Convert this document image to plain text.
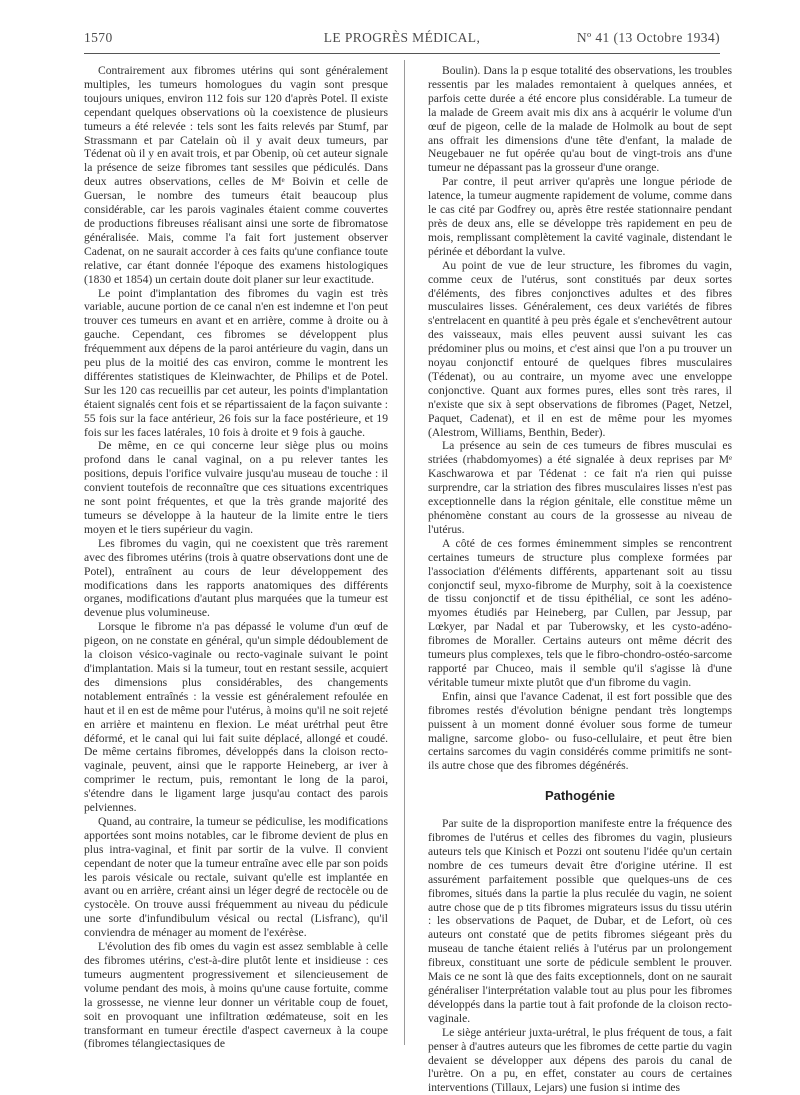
1570	LE PROGRÈS MÉDICAL,	Nº 41 (13 Octobre 1934)

Contrairement aux fibromes utérins qui sont généralement multiples, les tumeurs homologues du vagin sont presque toujours uniques, environ 112 fois sur 120 d'après Potel. Il existe cependant quelques observations où la coexistence de plusieurs tumeurs a été relevée : tels sont les faits relevés par Stumf, par Strassmann et par Catelain où il y avait deux tumeurs, par Tédenat où il y en avait trois, et par Obenip, où cet auteur signale la présence de seize fibromes tant sessiles que pédiculés. Dans deux autres observations, celles de Mᵉ Boivin et celle de Guersan, le nombre des tumeurs était beaucoup plus considérable, car les parois vaginales étaient comme couvertes de productions fibreuses réalisant ainsi une sorte de fibromatose généralisée. Mais, comme l'a fait fort justement observer Cadenat, on ne saurait accorder à ces faits qu'une confiance toute relative, car étant donnée l'époque des examens histologiques (1830 et 1854) un certain doute doit planer sur leur exactitude.

Le point d'implantation des fibromes du vagin est très variable, aucune portion de ce canal n'en est indemne et l'on peut trouver ces tumeurs en avant et en arrière, comme à droite ou à gauche. Cependant, ces fibromes se développent plus fréquemment aux dépens de la paroi antérieure du vagin, dans un peu plus de la moitié des cas environ, comme le montrent les différentes statistiques de Kleinwachter, de Philips et de Potel. Sur les 120 cas recueillis par cet auteur, les points d'implantation étaient signalés cent fois et se répartissaient de la façon suivante : 55 fois sur la face antérieur, 26 fois sur la face postérieure, et 19 fois sur les faces latérales, 10 fois à droite et 9 fois à gauche.

De même, en ce qui concerne leur siège plus ou moins profond dans le canal vaginal, on a pu relever tantes les positions, depuis l'orifice vulvaire jusqu'au museau de touche : il convient toutefois de reconnaître que ces situations excentriques ne sont point fréquentes, et que la très grande majorité des tumeurs se développe à la hauteur de la limite entre le tiers moyen et le tiers supérieur du vagin.

Les fibromes du vagin, qui ne coexistent que très rarement avec des fibromes utérins (trois à quatre observations dont une de Potel), entraînent au cours de leur développement des modifications dans les rapports anatomiques des différents organes, modifications d'autant plus marquées que la tumeur est devenue plus volumineuse.

Lorsque le fibrome n'a pas dépassé le volume d'un œuf de pigeon, on ne constate en général, qu'un simple dédoublement de la cloison vésico-vaginale ou recto-vaginale suivant le point d'implantation. Mais si la tumeur, tout en restant sessile, acquiert des dimensions plus considérables, des changements notablement entraînés : la vessie est généralement refoulée en haut et il en est de même pour l'utérus, à moins qu'il ne soit rejeté en arrière et maintenu en flexion. Le méat urétrhal peut être déformé, et le canal qui lui fait suite déplacé, allongé et coudé. De même certains fibromes, développés dans la cloison recto-vaginale, peuvent, ainsi que le rapporte Heineberg, ar iver à comprimer le rectum, puis, remontant le long de la paroi, s'étendre dans le ligament large jusqu'au contact des parois pelviennes.

Quand, au contraire, la tumeur se pédiculise, les modifications apportées sont moins notables, car le fibrome devient de plus en plus intra-vaginal, et finit par sortir de la vulve. Il convient cependant de noter que la tumeur entraîne avec elle par son poids les parois vésicale ou rectale, suivant qu'elle est implantée en avant ou en arrière, créant ainsi un léger degré de rectocèle ou de cystocèle. On trouve aussi fréquemment au niveau du pédicule une sorte d'infundibulum vésical ou rectal (Lisfranc), qu'il conviendra de ménager au moment de l'exérèse.

L'évolution des fib omes du vagin est assez semblable à celle des fibromes utérins, c'est-à-dire plutôt lente et insidieuse : ces tumeurs augmentent progressivement et silencieusement de volume pendant des mois, à moins qu'une cause fortuite, comme la grossesse, ne vienne leur donner un véritable coup de fouet, soit en provoquant une infiltration œdémateuse, soit en les transformant en tumeur érectile d'aspect caverneux à la coupe (fibromes télangiectasiques de

Boulin). Dans la p esque totalité des observations, les troubles ressentis par les malades remontaient à quelques années, et parfois cette durée a été encore plus considérable. La tumeur de la malade de Greem avait mis dix ans à acquérir le volume d'un œuf de pigeon, celle de la malade de Holmolk au bout de sept ans offrait les dimensions d'une tête d'enfant, la malade de Neugebauer ne fut opérée qu'au bout de vingt-trois ans d'une tumeur ne dépassant pas la grosseur d'une orange.

Par contre, il peut arriver qu'après une longue période de latence, la tumeur augmente rapidement de volume, comme dans le cas cité par Godfrey ou, après être restée stationnaire pendant près de deux ans, elle se développe très rapidement en peu de mois, remplissant complètement la cavité vaginale, distendant le périnée et débordant la vulve.

Au point de vue de leur structure, les fibromes du vagin, comme ceux de l'utérus, sont constitués par deux sortes d'éléments, des fibres conjonctives adultes et des fibres musculaires lisses. Généralement, ces deux variétés de fibres s'entrelacent en quantité à peu près égale et s'enchevêtrent autour des vaisseaux, mais elles peuvent aussi suivant les cas prédominer plus ou moins, et c'est ainsi que l'on a pu trouver un noyau conjonctif entouré de quelques fibres musculaires (Tédenat), ou au contraire, un myome avec une enveloppe conjonctive. Quant aux formes pures, elles sont très rares, il n'existe que six à sept observations de fibromes (Paget, Netzel, Paquet, Cadenat), et il en est de même pour les myomes (Alestrom, Williams, Benthin, Beder).

La présence au sein de ces tumeurs de fibres musculai es striées (rhabdomyomes) a été signalée à deux reprises par Mᵉ Kaschwarowa et par Tédenat : ce fait n'a rien qui puisse surprendre, car la striation des fibres musculaires lisses n'est pas exceptionnelle dans la région génitale, elle constitue même un phénomène constant au cours de la grossesse au niveau de l'utérus.

A côté de ces formes éminemment simples se rencontrent certaines tumeurs de structure plus complexe formées par l'association d'éléments différents, appartenant soit au tissu conjonctif seul, myxo-fibrome de Murphy, soit à la coexistence de tissu conjonctif et de tissu épithélial, ce sont les adéno-myomes étudiés par Heineberg, par Cullen, par Jessup, par Lœkyer, par Nadal et par Tuberowsky, et les cysto-adéno-fibromes de Moraller. Certains auteurs ont même décrit des tumeurs plus complexes, tels que le fibro-chondro-ostéo-sarcome rapporté par Chuceo, mais il semble qu'il s'agisse là d'une véritable tumeur mixte plutôt que d'un fibrome du vagin.

Enfin, ainsi que l'avance Cadenat, il est fort possible que des fibromes restés d'évolution bénigne pendant très longtemps puissent à un moment donné évoluer sous forme de tumeur maligne, sarcome globo- ou fuso-cellulaire, et peut être bien certains sarcomes du vagin considérés comme primitifs ne sont-ils autre chose que des fibromes dégénérés.

Pathogénie

Par suite de la disproportion manifeste entre la fréquence des fibromes de l'utérus et celles des fibromes du vagin, plusieurs auteurs tels que Kinisch et Pozzi ont soutenu l'idée qu'un certain nombre de ces tumeurs devait être d'origine utérine. Il est assurément parfaitement possible que quelques-uns de ces fibromes, situés dans la partie la plus reculée du vagin, ne soient autre chose que de p tits fibromes migrateurs issus du tissu utérin : les observations de Paquet, de Dubar, et de Lefort, où ces auteurs ont constaté que de petits fibromes siégeant près du museau de tanche étaient reliés à l'utérus par un prolongement fibreux, constituant une sorte de pédicule semblent le prouver. Mais ce ne sont là que des faits exceptionnels, dont on ne saurait généraliser l'interprétation valable tout au plus pour les fibromes développés dans la partie tout à fait profonde de la cloison recto-vaginale.

Le siège antérieur juxta-urétral, le plus fréquent de tous, a fait penser à d'autres auteurs que les fibromes de cette partie du vagin devaient se développer aux dépens des parois du canal de l'urètre. On a pu, en effet, constater au cours de certaines interventions (Tillaux, Lejars) une fusion si intime des
